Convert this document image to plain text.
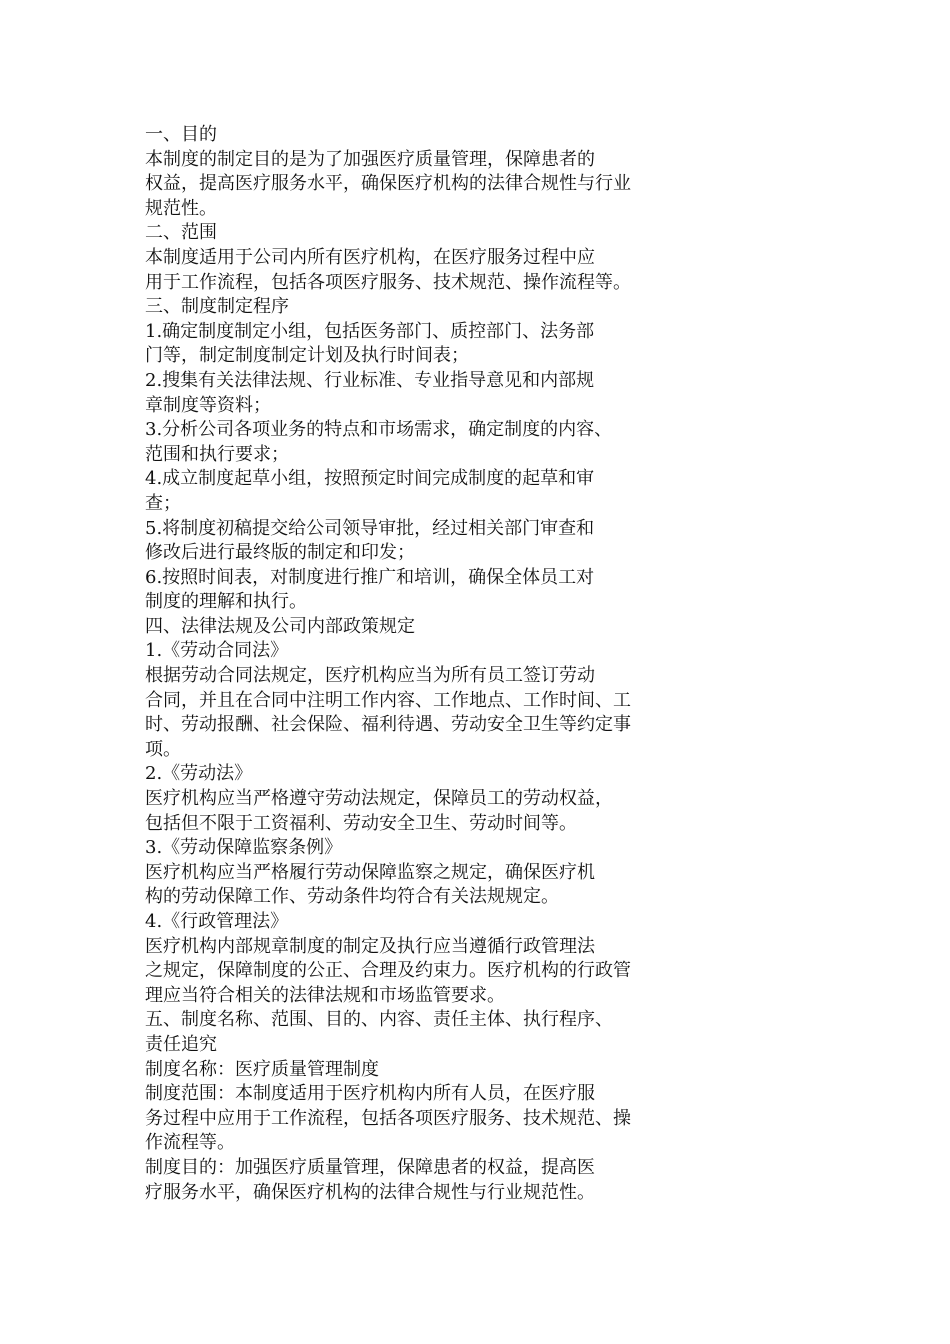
一、目的
本制度的制定目的是为了加强医疗质量管理，保障患者的
权益，提高医疗服务水平，确保医疗机构的法律合规性与行业
规范性。
二、范围
本制度适用于公司内所有医疗机构，在医疗服务过程中应
用于工作流程，包括各项医疗服务、技术规范、操作流程等。
三、制度制定程序
1.确定制度制定小组，包括医务部门、质控部门、法务部
门等，制定制度制定计划及执行时间表；
2.搜集有关法律法规、行业标准、专业指导意见和内部规
章制度等资料；
3.分析公司各项业务的特点和市场需求，确定制度的内容、
范围和执行要求；
4.成立制度起草小组，按照预定时间完成制度的起草和审
查；
5.将制度初稿提交给公司领导审批，经过相关部门审查和
修改后进行最终版的制定和印发；
6.按照时间表，对制度进行推广和培训，确保全体员工对
制度的理解和执行。
四、法律法规及公司内部政策规定
1.《劳动合同法》
根据劳动合同法规定，医疗机构应当为所有员工签订劳动
合同，并且在合同中注明工作内容、工作地点、工作时间、工
时、劳动报酬、社会保险、福利待遇、劳动安全卫生等约定事
项。
2.《劳动法》
医疗机构应当严格遵守劳动法规定，保障员工的劳动权益，
包括但不限于工资福利、劳动安全卫生、劳动时间等。
3.《劳动保障监察条例》
医疗机构应当严格履行劳动保障监察之规定，确保医疗机
构的劳动保障工作、劳动条件均符合有关法规规定。
4.《行政管理法》
医疗机构内部规章制度的制定及执行应当遵循行政管理法
之规定，保障制度的公正、合理及约束力。医疗机构的行政管
理应当符合相关的法律法规和市场监管要求。
五、制度名称、范围、目的、内容、责任主体、执行程序、
责任追究
制度名称：医疗质量管理制度
制度范围：本制度适用于医疗机构内所有人员，在医疗服
务过程中应用于工作流程，包括各项医疗服务、技术规范、操
作流程等。
制度目的：加强医疗质量管理，保障患者的权益，提高医
疗服务水平，确保医疗机构的法律合规性与行业规范性。
